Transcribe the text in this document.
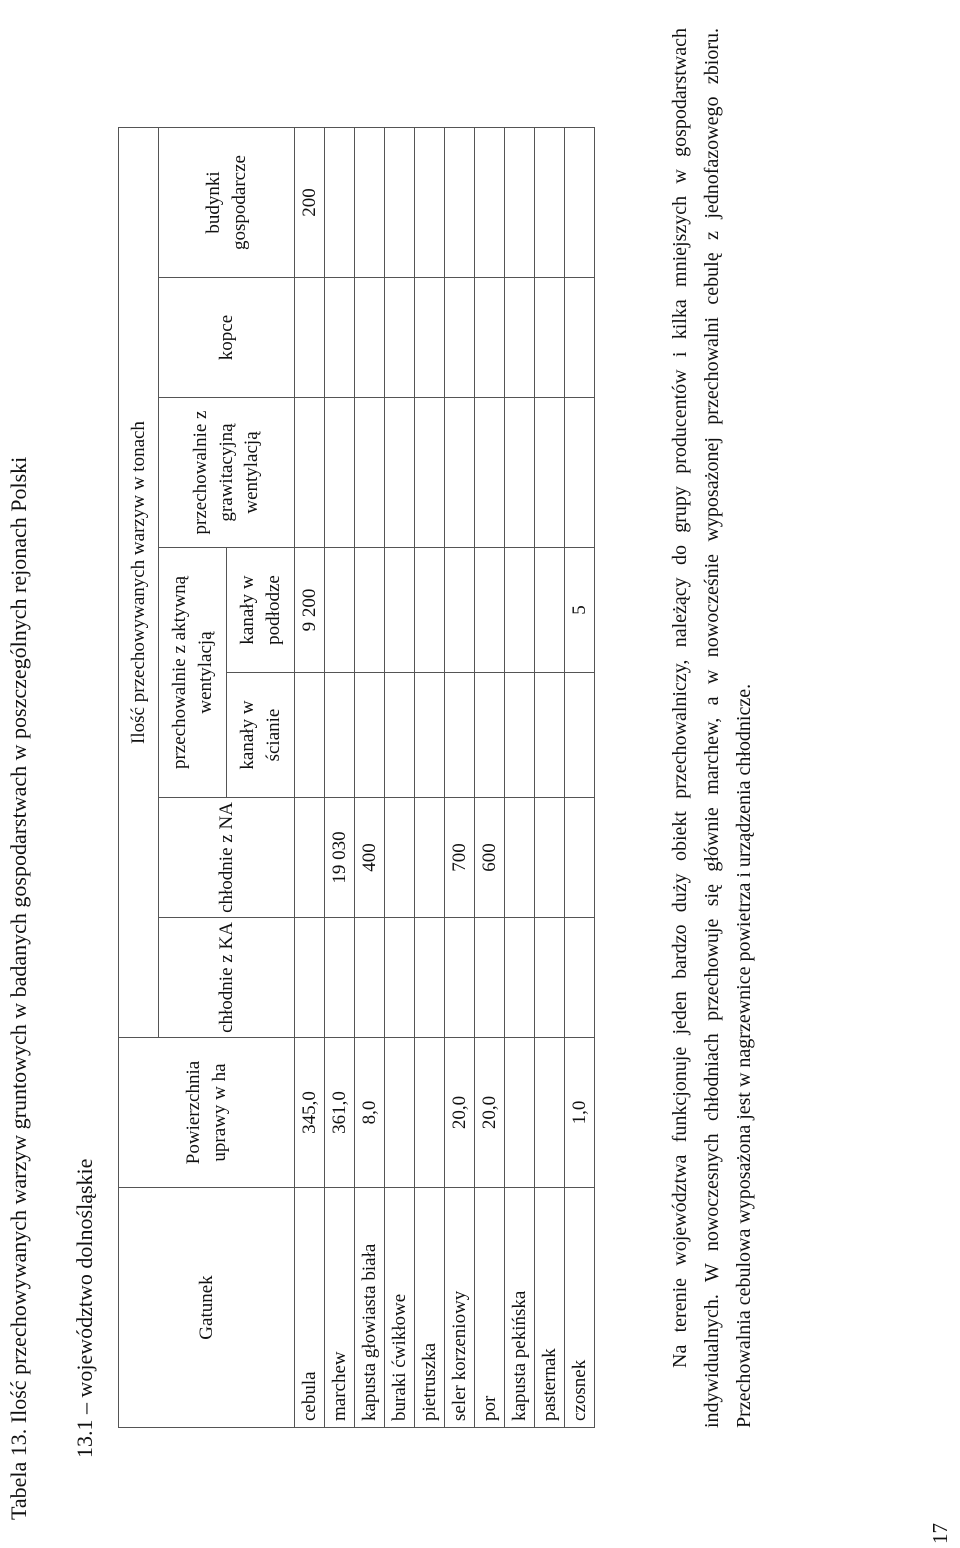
Tabela 13. Ilość przechowywanych warzyw gruntowych w badanych gospodarstwach w poszczególnych rejonach Polski 13.1 – województwo dolnośląskie	Gatunek	Powierzchnia uprawy w ha	Ilość przechowywanych warzyw w tonach						
		chłodnie z KA	chłodnie z NA	przechowalnie z aktywną wentylacją		przechowalnie z grawitacyjną wentylacją	kopce	budynki gospodarcze
				kanały w ścianie	kanały w podłodze			
cebula	345,0				9 200			200
marchew	361,0		19 030					
kapusta głowiasta biała	8,0		400					
buraki ćwikłowe								
pietruszka								
seler korzeniowy	20,0		700					
por	20,0		600					
kapusta pekińska								
pasternak								
czosnek	1,0				5				Na terenie województwa funkcjonuje jeden bardzo duży obiekt przechowalniczy, należący do grupy producentów i kilka mniejszych w gospodarstwach indywidualnych. W nowoczesnych chłodniach przechowuje się głównie marchew, a w nowocześnie wyposażonej przechowalni cebulę z jednofazowego zbioru. Przechowalnia cebulowa wyposażona jest w nagrzewnice powietrza i urządzenia chłodnicze.
17
